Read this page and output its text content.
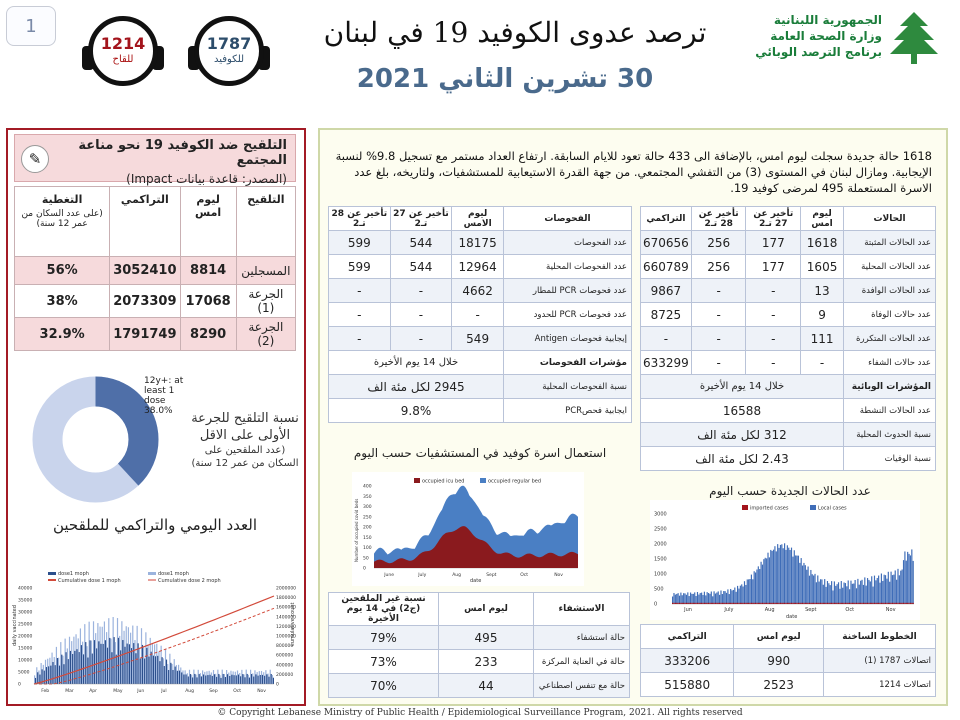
1
1214
للقاح
1787
للكوفيد
ترصد عدوى الكوفيد 19 في لبنان
30 تشرين الثاني 2021
الجمهورية اللبنانية
وزارة الصحة العامة
برنامج الترصد الوبائي
التلقيح ضد الكوفيد 19 نحو مناعة المجتمع
(المصدر: قاعدة بيانات Impact)
✎
التلقيح	ليوم امس	التراكمي	التغطية
(على عدد السكان من عمر 12 سنة)

المسجلين	8814	3052410	56%
الجرعة (1)	17068	2073309	38%
الجرعة (2)	8290	1791749	32.9%
12y+: at least 1 dose 38.0%	نسبة التلقيح للجرعة الأولى على الاقل
(عدد الملقحين على السكان من عمر 12 سنة)
العدد اليومي والتراكمي للملقحين
dose1 moph
Cumulative dose 1 moph
dose1 moph
Cumulative dose 2 moph
daily vaccinated	cumulative count
Feb	Mar	Apr	May	Jun	Jul	Aug	Sep	Oct	Nov
0
5000
10000
15000
20000
25000
30000
35000
40000
0
200000
400000
600000
800000
1000000
1200000
1400000
1600000
1800000
2000000
1618 حالة جديدة سجلت ليوم امس، بالإضافة الى 433 حالة تعود للايام السابقة. ارتفاع العداد مستمر مع تسجيل 9.8% لنسبة الإيجابية. ومازال لبنان في المستوى (3) من التفشي المجتمعي. من جهة القدرة الاستيعابية للمستشفيات، ولتاريخه، بلغ عدد الاسرة المستعملة 495 لمرضى كوفيد 19.
الفحوصات	ليوم الامس	تأخير عن 27 تـ2	تأخير عن 28 تـ2
عدد الفحوصات	18175	544	599
عدد الفحوصات المحلية	12964	544	599
عدد فحوصات PCR للمطار	4662	-	-
عدد فحوصات PCR للحدود	-	-	-
إيجابية فحوصات Antigen	549	-	-
مؤشرات الفحوصات	خلال 14 يوم الأخيرة		
نسبة الفحوصات المحلية	2945 لكل مئة الف		
ايجابية فحصPCR	9.8%		
الحالات	ليوم امس	تأخير عن 27 تـ2	تأخير عن 28 تـ2	التراكمي
عدد الحالات المثبتة	1618	177	256	670656
عدد الحالات المحلية	1605	177	256	660789
عدد الحالات الوافدة	13	-	-	9867
عدد حالات الوفاة	9	-	-	8725
عدد الحالات المتكررة	111	-	-	-
عدد حالات الشفاء	-	-	-	633299
المؤشرات الوبائية	خلال 14 يوم الأخيرة			
عدد الحالات النشطة	16588			
نسبة الحدوث المحلية	312 لكل مئة الف			
نسبة الوفيات	2.43 لكل مئة الف			
استعمال اسرة كوفيد في المستشفيات حسب اليوم
0
50
100
150
200
250
300
350
400
June	July	Aug	Sept	Oct	Nov
occupied icu bed	occupied regular bed
Number of occupied covid beds
date
عدد الحالات الجديدة حسب اليوم
0
500
1000
1500
2000
2500
3000
Jun	July	Aug	Sept	Oct	Nov
imported cases	Local cases
date
الاستشفاء	ليوم امس	نسبة غير الملقحين (ج2) في 14 يوم الأخيرة
حالة استشفاء	495	79%
حالة في العناية المركزة	233	73%
حالة مع تنفس اصطناعي	44	70%
الخطوط الساخنة	ليوم امس	التراكمي
اتصالات 1787 (1)	990	333206
اتصالات 1214	2523	515880
© Copyright Lebanese Ministry of Public Health / Epidemiological Surveillance Program, 2021. All rights reserved
